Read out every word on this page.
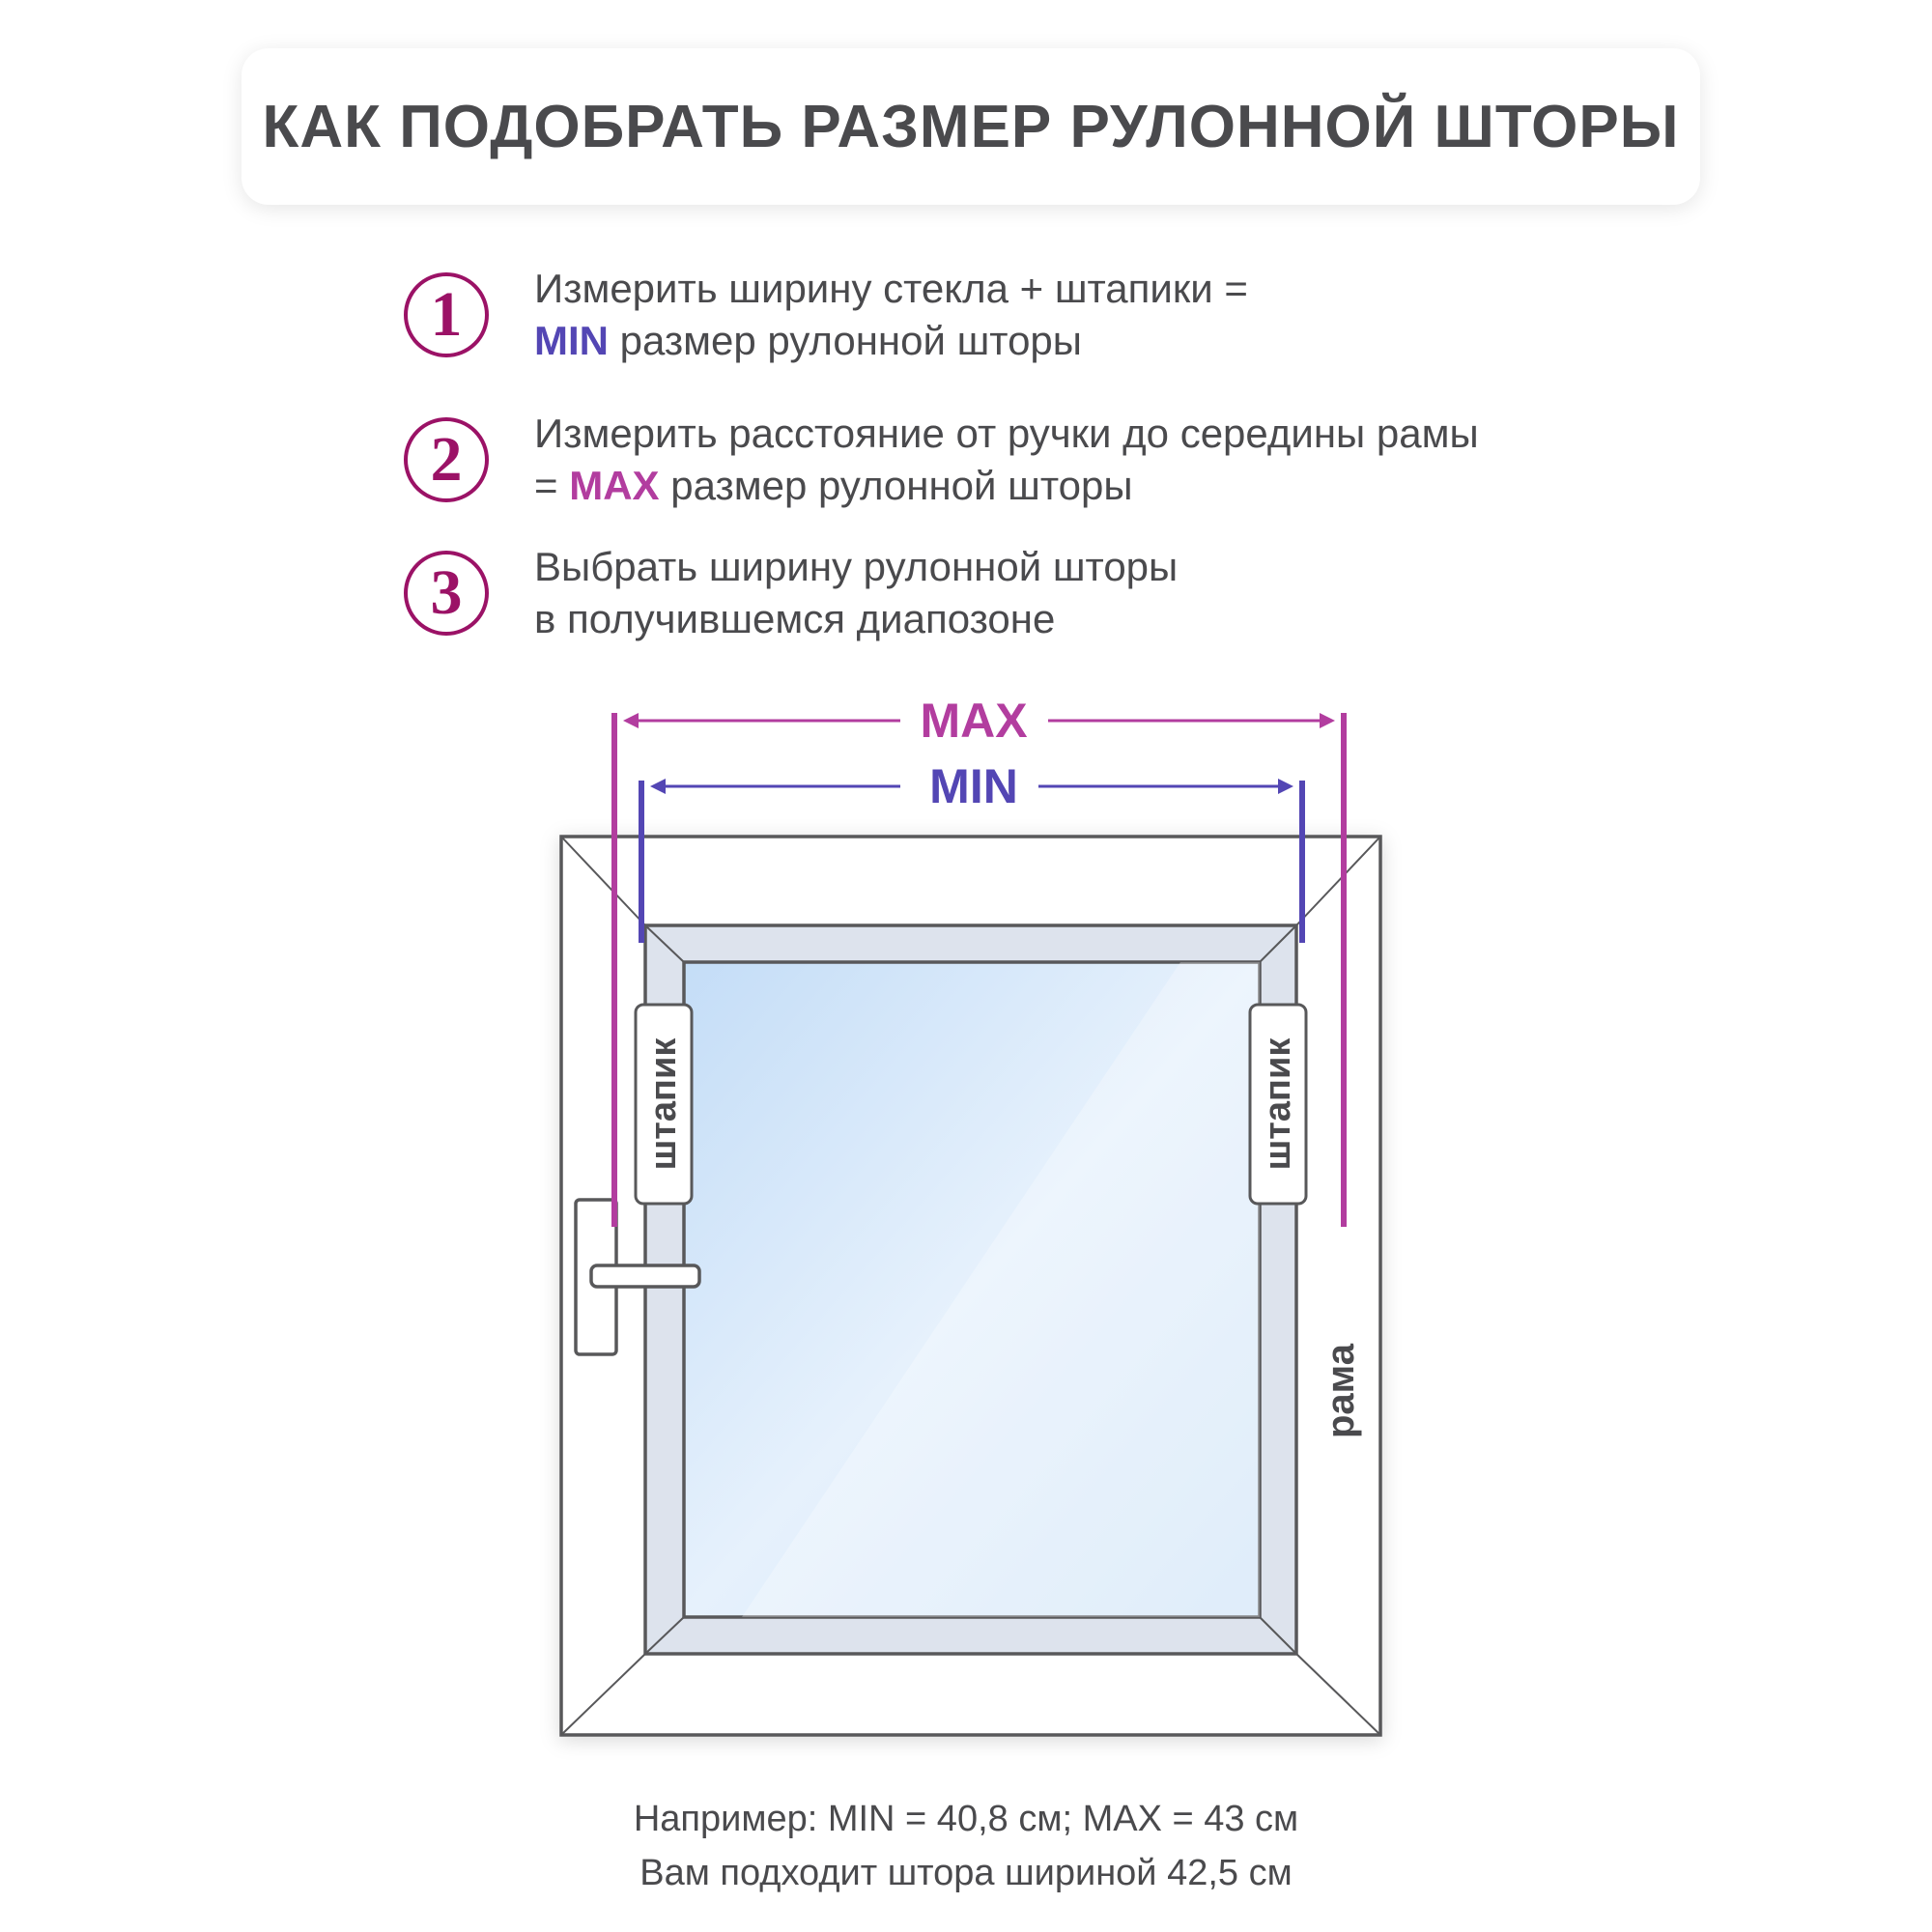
КАК ПОДОБРАТЬ РАЗМЕР РУЛОННОЙ ШТОРЫ
1	Измерить ширину стекла + штапики =
MIN размер рулонной шторы
2	Измерить расстояние от ручки до середины рамы
= MAX размер рулонной шторы
3	Выбрать ширину рулонной шторы
в получившемся диапозоне
штапик	штапик
рама
MAX
MIN
Например: MIN = 40,8 см; MAX = 43 см
Вам подходит штора шириной 42,5 см
